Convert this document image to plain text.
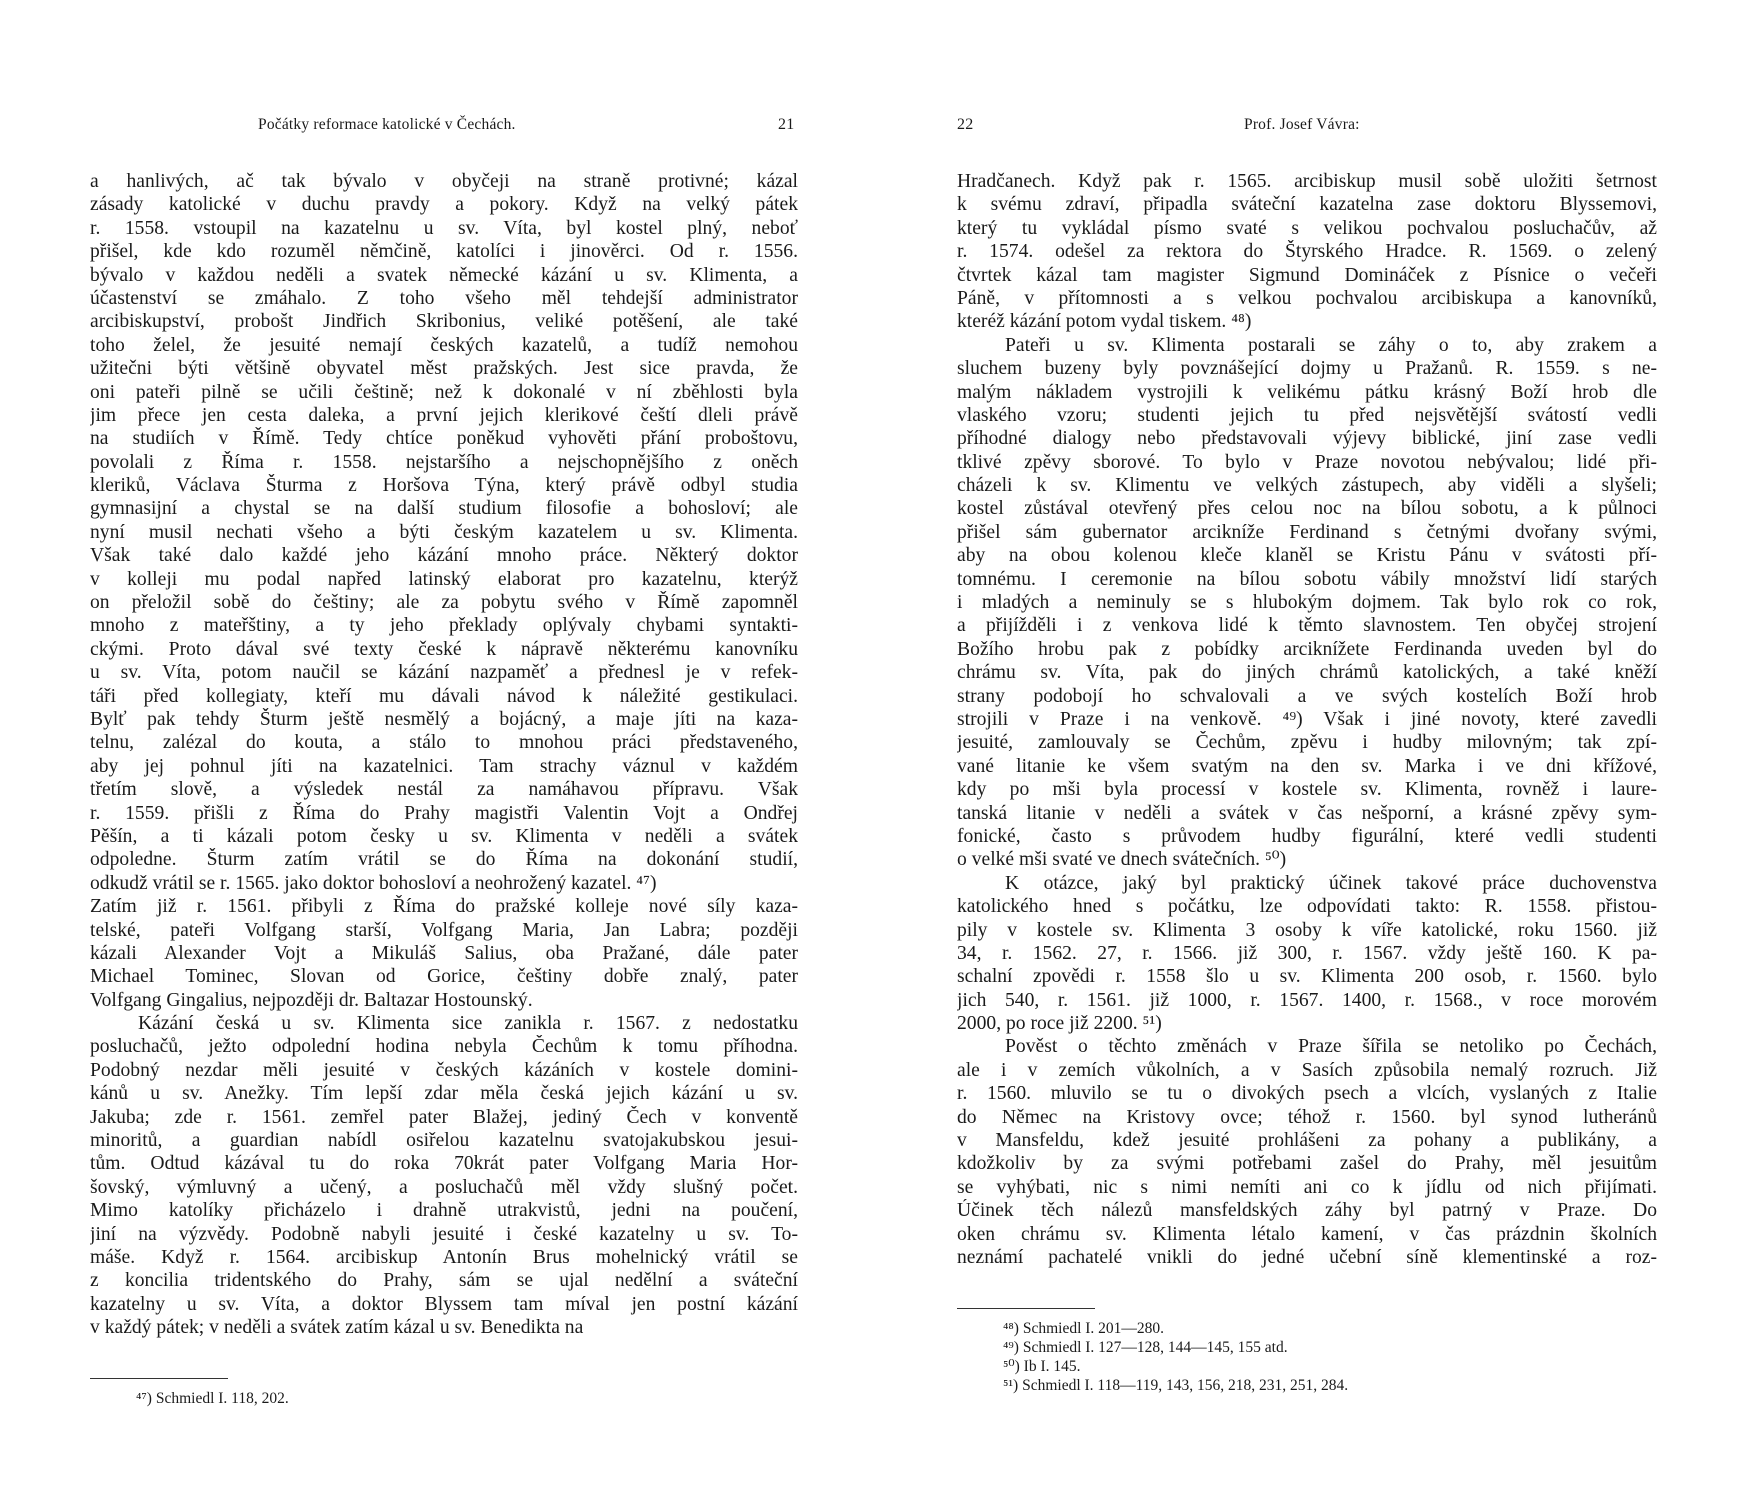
Počátky reformace katolické v Čechách.	21
a hanlivých, ač tak bývalo v obyčeji na straně protivné; kázal
zásady katolické v duchu pravdy a pokory. Když na velký pátek
r. 1558. vstoupil na kazatelnu u sv. Víta, byl kostel plný, neboť
přišel, kde kdo rozuměl němčině, katolíci i jinověrci. Od r. 1556.
bývalo v každou neděli a svatek německé kázání u sv. Klimenta, a
účastenství se zmáhalo. Z toho všeho měl tehdejší administrator
arcibiskupství, probošt Jindřich Skribonius, veliké potěšení, ale také
toho želel, že jesuité nemají českých kazatelů, a tudíž nemohou
užitečni býti většině obyvatel měst pražských. Jest sice pravda, že
oni pateři pilně se učili češtině; než k dokonalé v ní zběhlosti byla
jim přece jen cesta daleka, a první jejich klerikové čeští dleli právě
na studiích v Římě. Tedy chtíce poněkud vyhověti přání proboštovu,
povolali z Říma r. 1558. nejstaršího a nejschopnějšího z oněch
kleriků, Václava Šturma z Horšova Týna, který právě odbyl studia
gymnasijní a chystal se na další studium filosofie a bohosloví; ale
nyní musil nechati všeho a býti českým kazatelem u sv. Klimenta.
Však také dalo každé jeho kázání mnoho práce. Některý doktor
v kolleji mu podal napřed latinský elaborat pro kazatelnu, kterýž
on přeložil sobě do češtiny; ale za pobytu svého v Římě zapomněl
mnoho z mateřštiny, a ty jeho překlady oplývaly chybami syntakti-
ckými. Proto dával své texty české k nápravě některému kanovníku
u sv. Víta, potom naučil se kázání nazpaměť a přednesl je v refek-
táři před kollegiaty, kteří mu dávali návod k náležité gestikulaci.
Bylť pak tehdy Šturm ještě nesmělý a bojácný, a maje jíti na kaza-
telnu, zalézal do kouta, a stálo to mnohou práci představeného,
aby jej pohnul jíti na kazatelnici. Tam strachy váznul v každém
třetím slově, a výsledek nestál za namáhavou přípravu. Však
r. 1559. přišli z Říma do Prahy magistři Valentin Vojt a Ondřej
Pěšín, a ti kázali potom česky u sv. Klimenta v neděli a svátek
odpoledne. Šturm zatím vrátil se do Říma na dokonání studií,
odkudž vrátil se r. 1565. jako doktor bohosloví a neohrožený kazatel. ⁴⁷)
Zatím již r. 1561. přibyli z Říma do pražské kolleje nové síly kaza-
telské, pateři Volfgang starší, Volfgang Maria, Jan Labra; později
kázali Alexander Vojt a Mikuláš Salius, oba Pražané, dále pater
Michael Tominec, Slovan od Gorice, češtiny dobře znalý, pater
Volfgang Gingalius, nejpozději dr. Baltazar Hostounský.
Kázání česká u sv. Klimenta sice zanikla r. 1567. z nedostatku
posluchačů, ježto odpolední hodina nebyla Čechům k tomu příhodna.
Podobný nezdar měli jesuité v českých kázáních v kostele domini-
kánů u sv. Anežky. Tím lepší zdar měla česká jejich kázání u sv.
Jakuba; zde r. 1561. zemřel pater Blažej, jediný Čech v konventě
minoritů, a guardian nabídl osiřelou kazatelnu svatojakubskou jesui-
tům. Odtud kázával tu do roka 70krát pater Volfgang Maria Hor-
šovský, výmluvný a učený, a posluchačů měl vždy slušný počet.
Mimo katolíky přicházelo i drahně utrakvistů, jedni na poučení,
jiní na výzvědy. Podobně nabyli jesuité i české kazatelny u sv. To-
máše. Když r. 1564. arcibiskup Antonín Brus mohelnický vrátil se
z koncilia tridentského do Prahy, sám se ujal nedělní a sváteční
kazatelny u sv. Víta, a doktor Blyssem tam míval jen postní kázání
v každý pátek; v neděli a svátek zatím kázal u sv. Benedikta na
⁴⁷) Schmiedl I. 118, 202.
22	Prof. Josef Vávra:
Hradčanech. Když pak r. 1565. arcibiskup musil sobě uložiti šetrnost
k svému zdraví, připadla sváteční kazatelna zase doktoru Blyssemovi,
který tu vykládal písmo svaté s velikou pochvalou posluchačův, až
r. 1574. odešel za rektora do Štyrského Hradce. R. 1569. o zelený
čtvrtek kázal tam magister Sigmund Domináček z Písnice o večeři
Páně, v přítomnosti a s velkou pochvalou arcibiskupa a kanovníků,
kteréž kázání potom vydal tiskem. ⁴⁸)
Pateři u sv. Klimenta postarali se záhy o to, aby zrakem a
sluchem buzeny byly povznášející dojmy u Pražanů. R. 1559. s ne-
malým nákladem vystrojili k velikému pátku krásný Boží hrob dle
vlaského vzoru; studenti jejich tu před nejsvětější svátostí vedli
příhodné dialogy nebo představovali výjevy biblické, jiní zase vedli
tklivé zpěvy sborové. To bylo v Praze novotou nebývalou; lidé při-
cházeli k sv. Klimentu ve velkých zástupech, aby viděli a slyšeli;
kostel zůstával otevřený přes celou noc na bílou sobotu, a k půlnoci
přišel sám gubernator arcikníže Ferdinand s četnými dvořany svými,
aby na obou kolenou kleče klaněl se Kristu Pánu v svátosti pří-
tomnému. I ceremonie na bílou sobotu vábily množství lidí starých
i mladých a neminuly se s hlubokým dojmem. Tak bylo rok co rok,
a přijížděli i z venkova lidé k těmto slavnostem. Ten obyčej strojení
Božího hrobu pak z pobídky arciknížete Ferdinanda uveden byl do
chrámu sv. Víta, pak do jiných chrámů katolických, a také kněží
strany podobojí ho schvalovali a ve svých kostelích Boží hrob
strojili v Praze i na venkově. ⁴⁹) Však i jiné novoty, které zavedli
jesuité, zamlouvaly se Čechům, zpěvu i hudby milovným; tak zpí-
vané litanie ke všem svatým na den sv. Marka i ve dni křížové,
kdy po mši byla processí v kostele sv. Klimenta, rovněž i laure-
tanská litanie v neděli a svátek v čas nešporní, a krásné zpěvy sym-
fonické, často s průvodem hudby figurální, které vedli studenti
o velké mši svaté ve dnech svátečních. ⁵⁰)
K otázce, jaký byl praktický účinek takové práce duchovenstva
katolického hned s počátku, lze odpovídati takto: R. 1558. přistou-
pily v kostele sv. Klimenta 3 osoby k víře katolické, roku 1560. již
34, r. 1562. 27, r. 1566. již 300, r. 1567. vždy ještě 160. K pa-
schalní zpovědi r. 1558 šlo u sv. Klimenta 200 osob, r. 1560. bylo
jich 540, r. 1561. již 1000, r. 1567. 1400, r. 1568., v roce morovém
2000, po roce již 2200. ⁵¹)
Pověst o těchto změnách v Praze šířila se netoliko po Čechách,
ale i v zemích vůkolních, a v Sasích způsobila nemalý rozruch. Již
r. 1560. mluvilo se tu o divokých psech a vlcích, vyslaných z Italie
do Němec na Kristovy ovce; téhož r. 1560. byl synod lutheránů
v Mansfeldu, kdež jesuité prohlášeni za pohany a publikány, a
kdožkoliv by za svými potřebami zašel do Prahy, měl jesuitům
se vyhýbati, nic s nimi nemíti ani co k jídlu od nich přijímati.
Účinek těch nálezů mansfeldských záhy byl patrný v Praze. Do
oken chrámu sv. Klimenta létalo kamení, v čas prázdnin školních
neznámí pachatelé vnikli do jedné učební síně klementinské a roz-
⁴⁸) Schmiedl I. 201—280.
⁴⁹) Schmiedl I. 127—128, 144—145, 155 atd.
⁵⁰) Ib I. 145.
⁵¹) Schmiedl I. 118—119, 143, 156, 218, 231, 251, 284.
